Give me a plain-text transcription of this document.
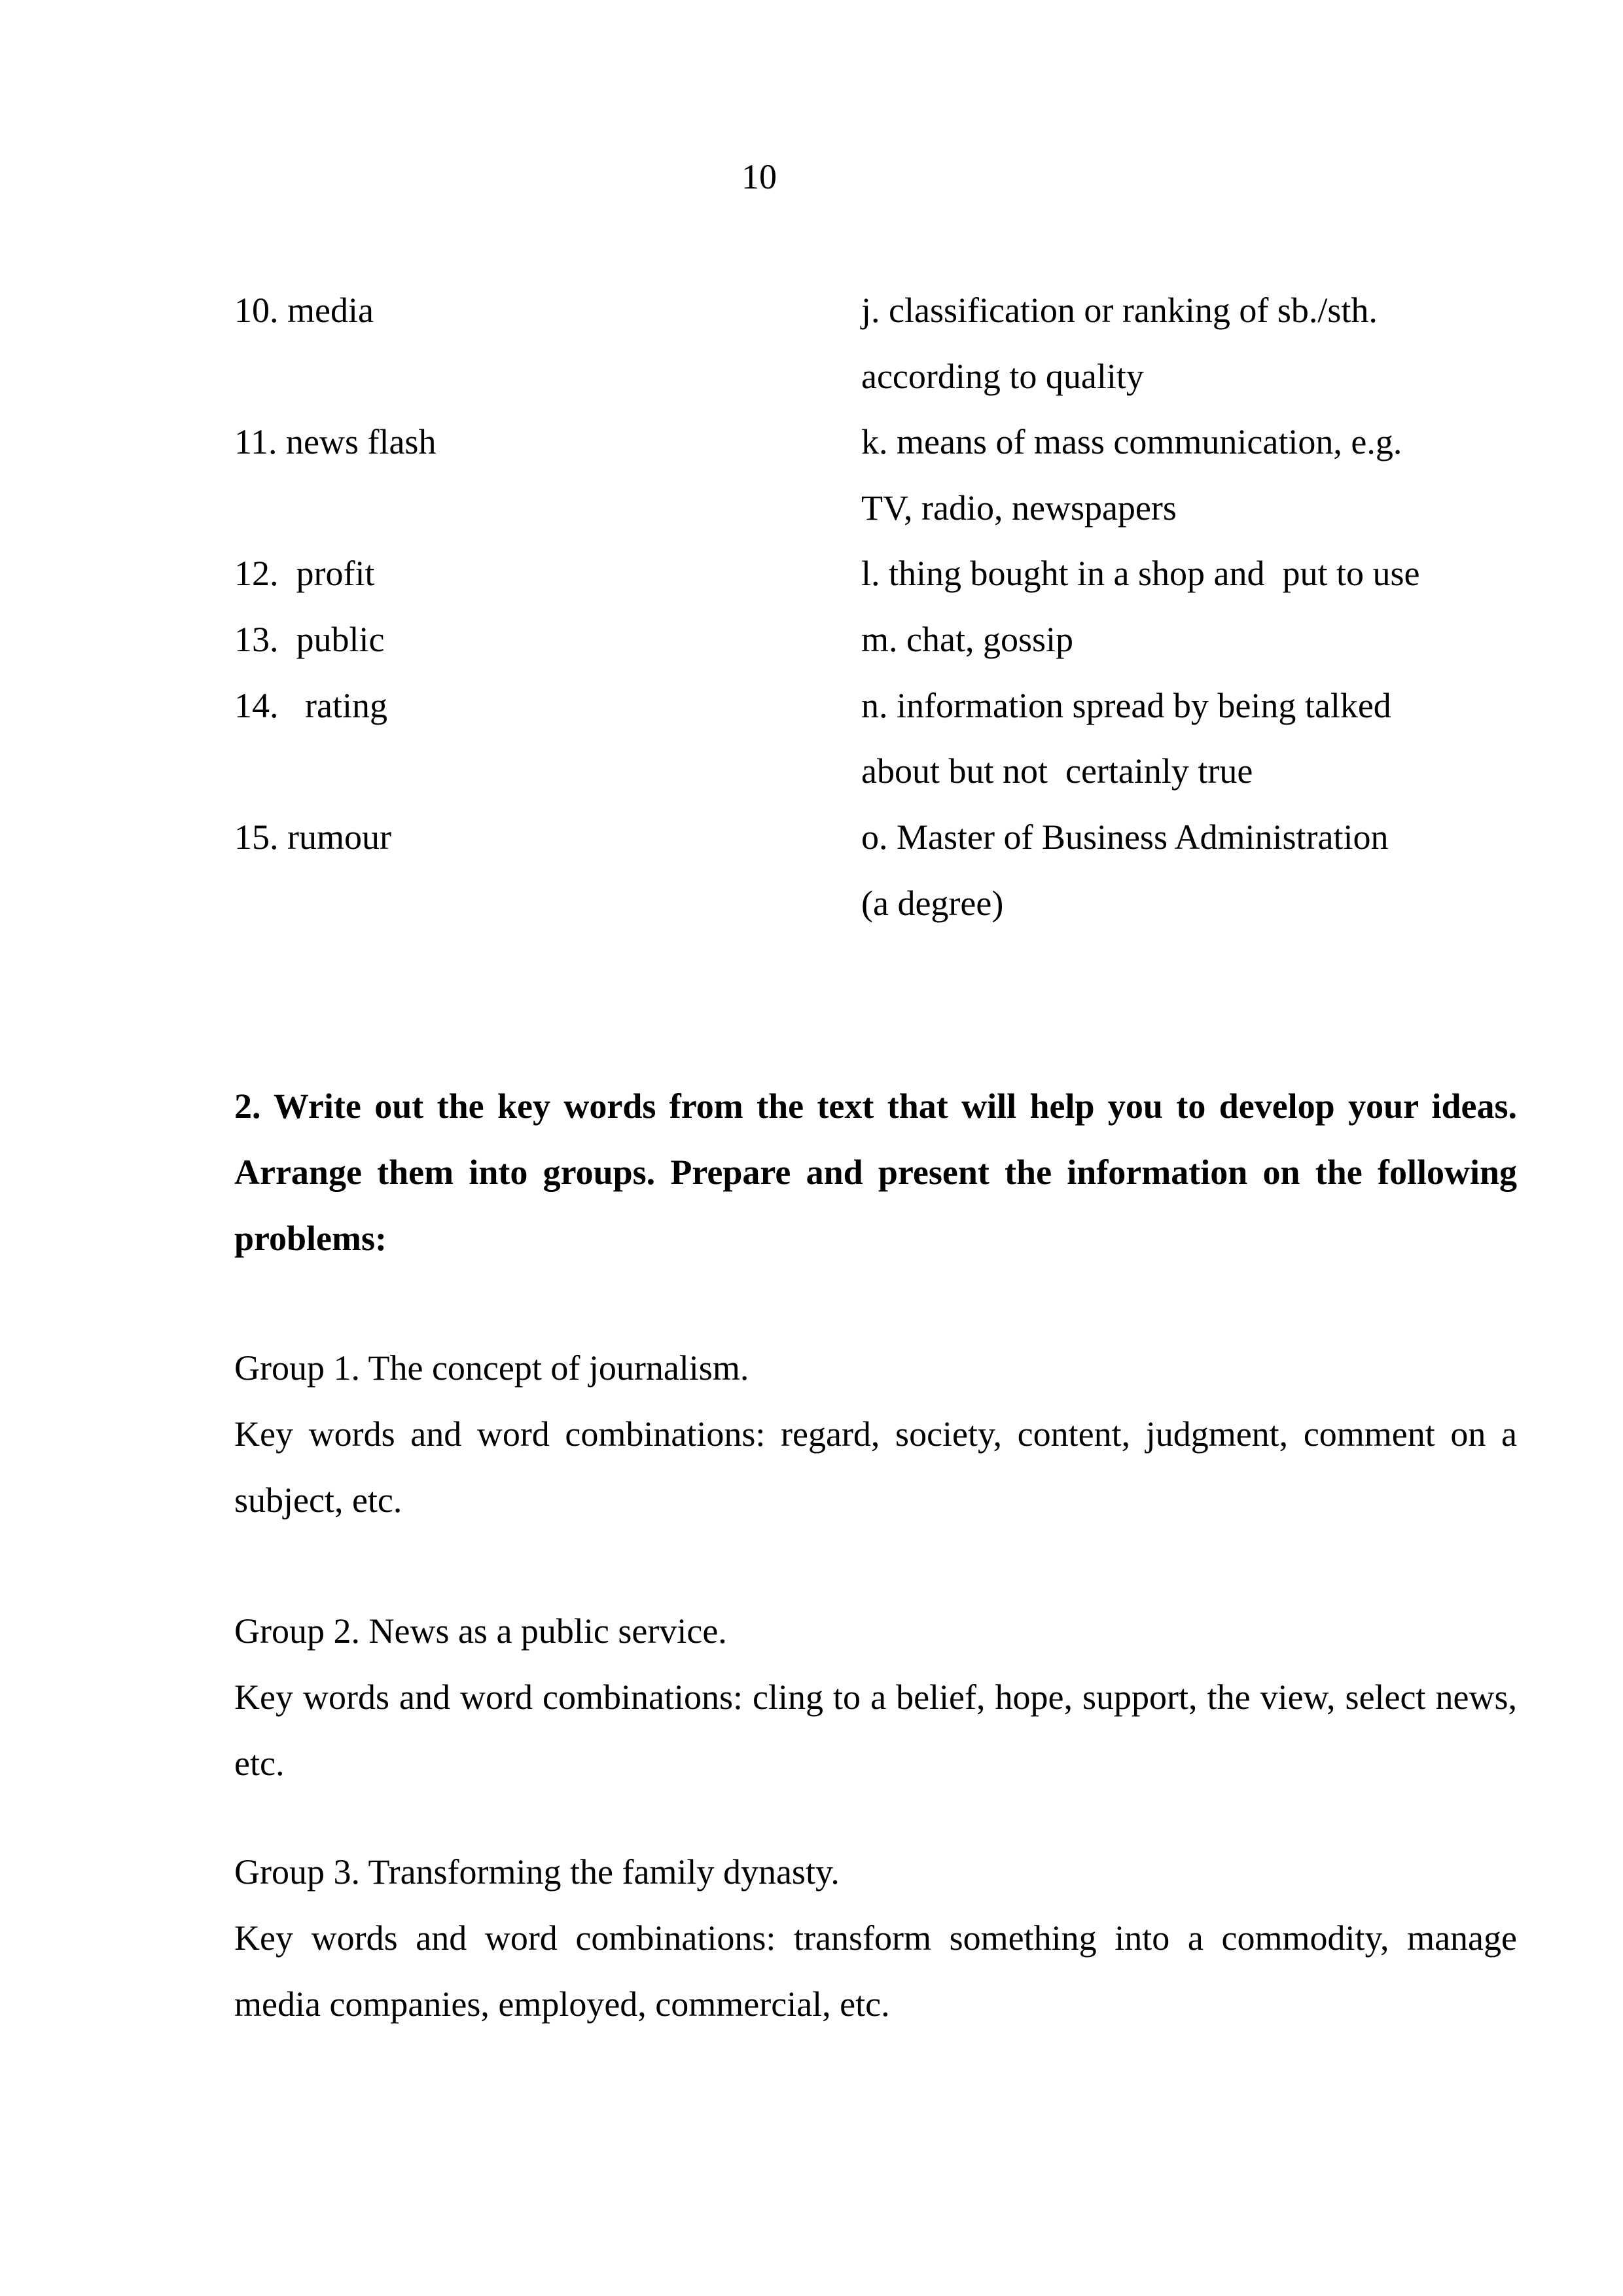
10
10. media
11. news flash
12.  profit
13.  public
14.   rating
15. rumour
j. classification or ranking of sb./sth.
according to quality
k. means of mass communication, e.g.
TV, radio, newspapers
l. thing bought in a shop and  put to use
m. chat, gossip
n. information spread by being talked
about but not  certainly true
o. Master of Business Administration
(a degree)

2. Write out the key words from the text that will help you to develop your ideas. Arrange them into groups. Prepare and present the information on the following problems:

Group 1. The concept of journalism.

Key words and word combinations: regard, society, content, judgment, comment on a subject, etc.

Group 2. News as a public service.

Key words and word combinations: cling to a belief, hope, support, the view, select news, etc.

Group 3. Transforming the family dynasty.

Key words and word combinations: transform something into a commodity, manage media companies, employed, commercial, etc.
